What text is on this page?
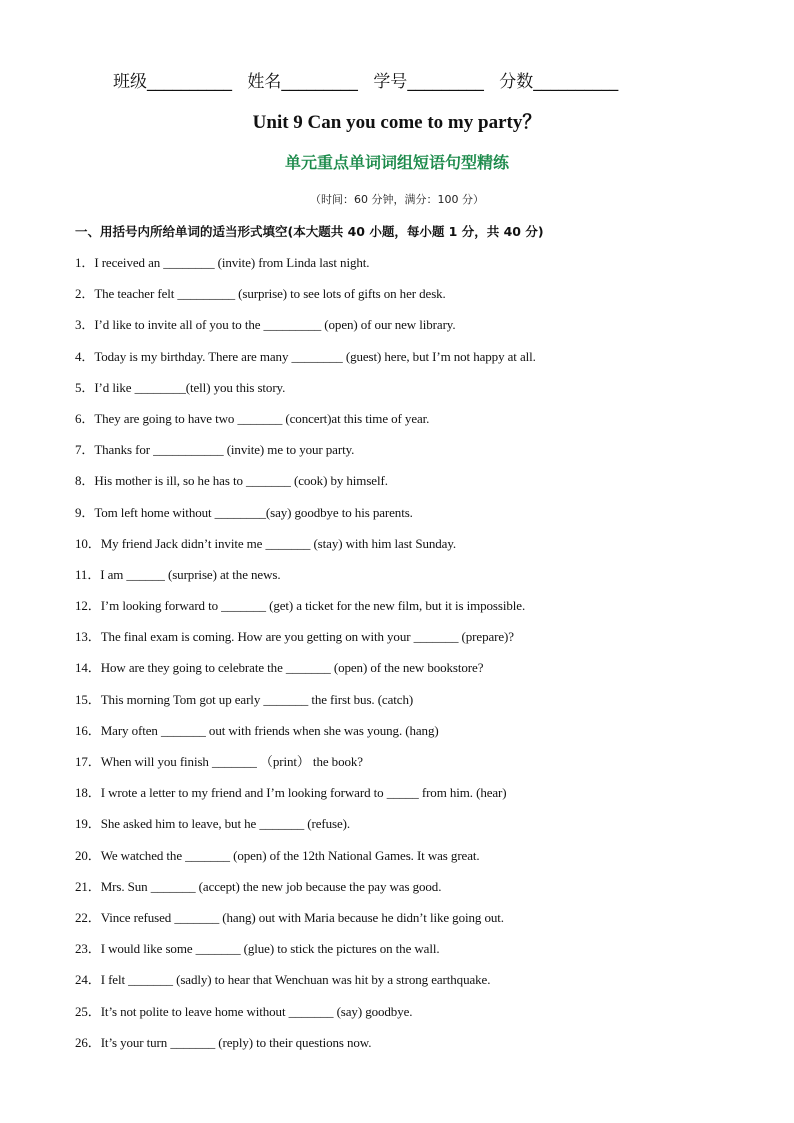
班级__________ 姓名_________ 学号_________ 分数__________
Unit 9 Can you come to my party？
单元重点单词词组短语句型精练
（时间：60 分钟，满分：100 分）
一、用括号内所给单词的适当形式填空(本大题共 40 小题，每小题 1 分，共 40 分)
1．I received an ________ (invite) from Linda last night.
2．The teacher felt _________ (surprise) to see lots of gifts on her desk.
3．I’d like to invite all of you to the _________ (open) of our new library.
4．Today is my birthday. There are many ________ (guest) here, but I’m not happy at all.
5．I’d like ________(tell) you this story.
6．They are going to have two _______ (concert)at this time of year.
7．Thanks for ___________ (invite) me to your party.
8．His mother is ill, so he has to _______ (cook) by himself.
9．Tom left home without ________(say) goodbye to his parents.
10．My friend Jack didn’t invite me _______ (stay) with him last Sunday.
11．I am ______ (surprise) at the news.
12．I’m looking forward to _______ (get) a ticket for the new film, but it is impossible.
13．The final exam is coming. How are you getting on with your _______ (prepare)?
14．How are they going to celebrate the _______ (open) of the new bookstore?
15．This morning Tom got up early _______ the first bus. (catch)
16．Mary often _______ out with friends when she was young. (hang)
17．When will you finish _______ （print） the book?
18．I wrote a letter to my friend and I’m looking forward to _____ from him. (hear)
19．She asked him to leave, but he _______ (refuse).
20．We watched the _______ (open) of the 12th National Games. It was great.
21．Mrs. Sun _______ (accept) the new job because the pay was good.
22．Vince refused _______ (hang) out with Maria because he didn’t like going out.
23．I would like some _______ (glue) to stick the pictures on the wall.
24．I felt _______ (sadly) to hear that Wenchuan was hit by a strong earthquake.
25．It’s not polite to leave home without _______ (say) goodbye.
26．It’s your turn _______ (reply) to their questions now.
